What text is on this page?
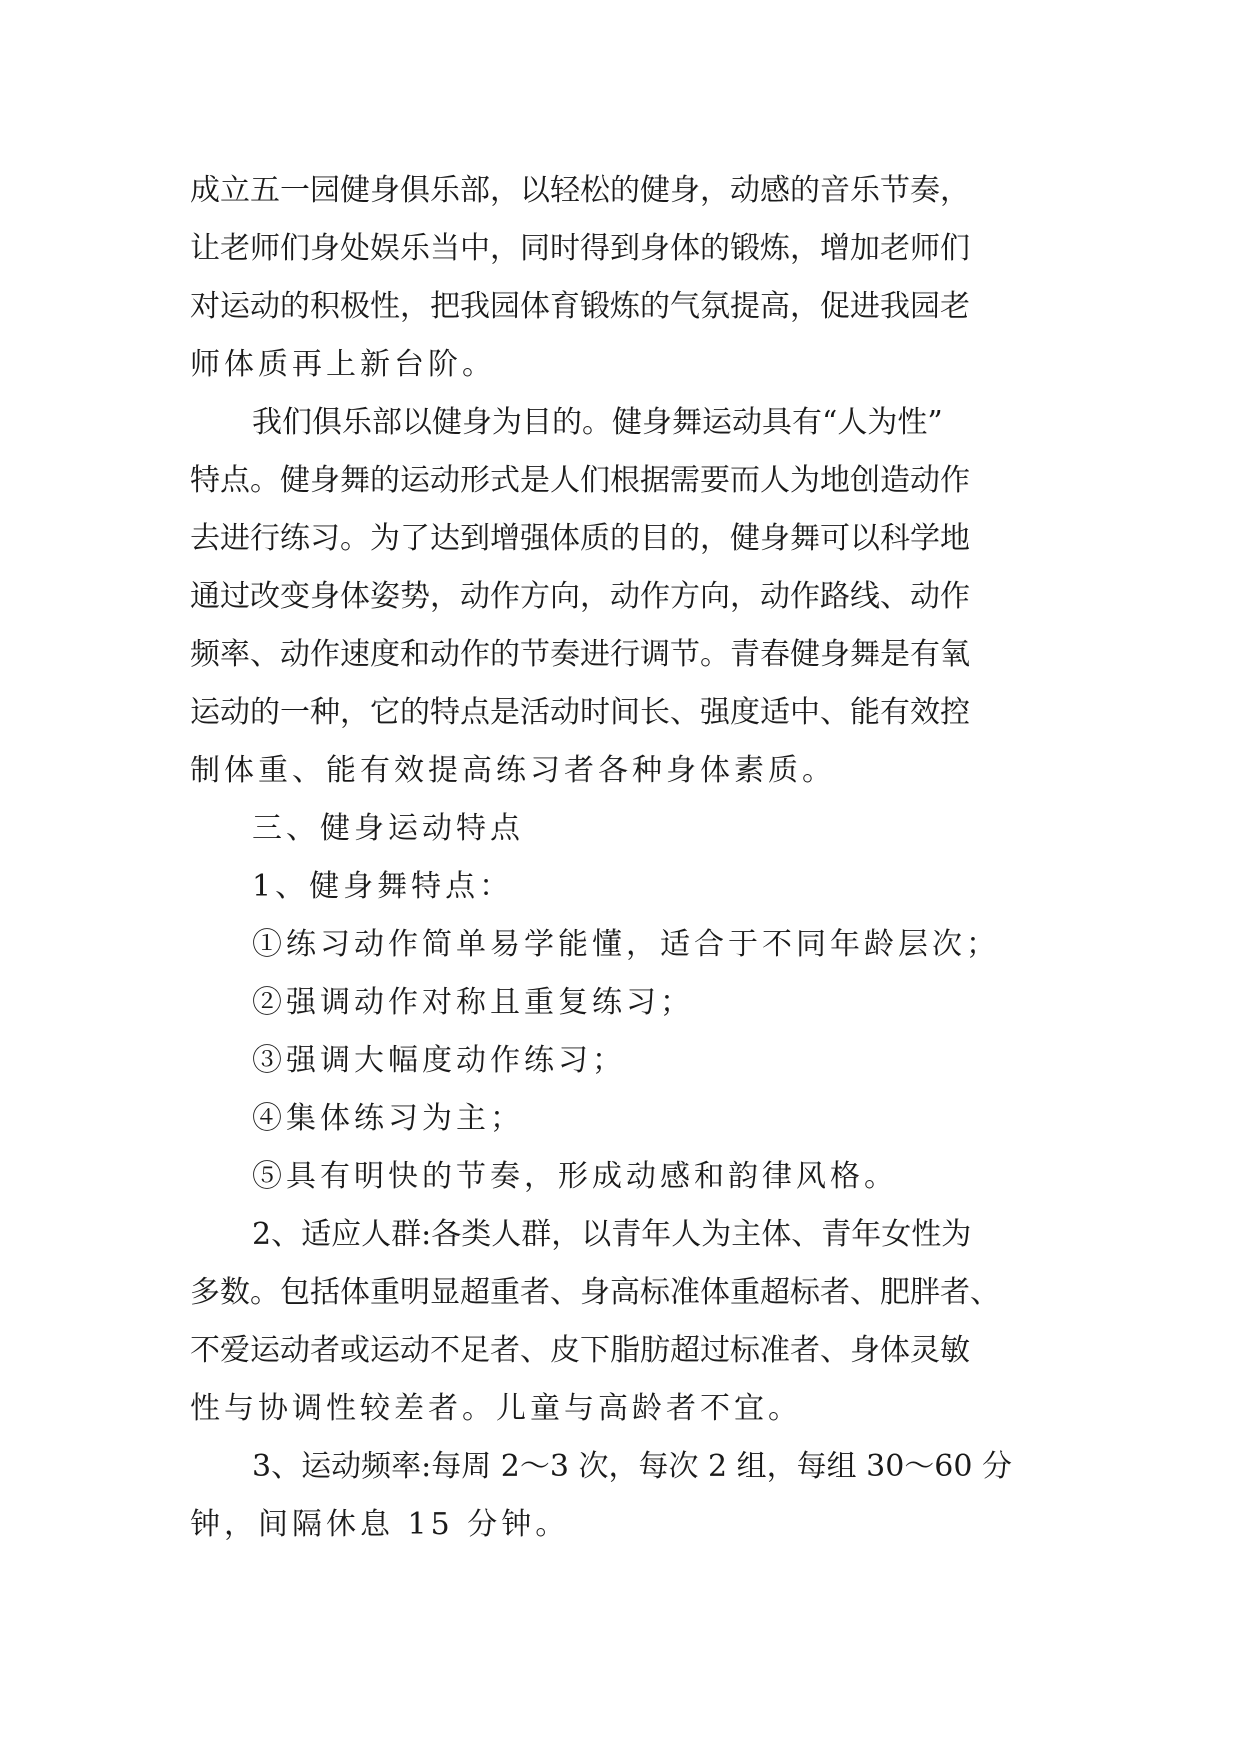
成立五一园健身俱乐部，以轻松的健身，动感的音乐节奏，
让老师们身处娱乐当中，同时得到身体的锻炼，增加老师们
对运动的积极性，把我园体育锻炼的气氛提高，促进我园老
师体质再上新台阶。
我们俱乐部以健身为目的。健身舞运动具有“人为性”
特点。健身舞的运动形式是人们根据需要而人为地创造动作
去进行练习。为了达到增强体质的目的，健身舞可以科学地
通过改变身体姿势，动作方向，动作方向，动作路线、动作
频率、动作速度和动作的节奏进行调节。青春健身舞是有氧
运动的一种，它的特点是活动时间长、强度适中、能有效控
制体重、能有效提高练习者各种身体素质。
三、健身运动特点
1、健身舞特点：
①练习动作简单易学能懂，适合于不同年龄层次；
②强调动作对称且重复练习；
③强调大幅度动作练习；
④集体练习为主；
⑤具有明快的节奏，形成动感和韵律风格。
2、适应人群:各类人群，以青年人为主体、青年女性为
多数。包括体重明显超重者、身高标准体重超标者、肥胖者、
不爱运动者或运动不足者、皮下脂肪超过标准者、身体灵敏
性与协调性较差者。儿童与高龄者不宜。
3、运动频率:每周 2～3 次，每次 2 组，每组 30～60 分
钟，间隔休息 15 分钟。
